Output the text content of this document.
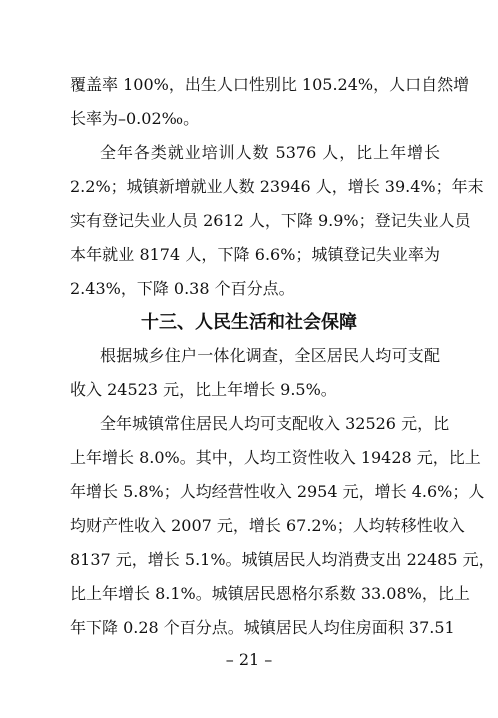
覆盖率 100%，出生人口性别比 105.24%，人口自然增
长率为–0.02‰。
全年各类就业培训人数 5376 人，比上年增长
2.2%；城镇新增就业人数 23946 人，增长 39.4%；年末
实有登记失业人员 2612 人，下降 9.9%；登记失业人员
本年就业 8174 人，下降 6.6%；城镇登记失业率为
2.43%，下降 0.38 个百分点。
十三、人民生活和社会保障
根据城乡住户一体化调查，全区居民人均可支配
收入 24523 元，比上年增长 9.5%。
全年城镇常住居民人均可支配收入 32526 元，比
上年增长 8.0%。其中，人均工资性收入 19428 元，比上
年增长 5.8%；人均经营性收入 2954 元，增长 4.6%；人
均财产性收入 2007 元，增长 67.2%；人均转移性收入
8137 元，增长 5.1%。城镇居民人均消费支出 22485 元，
比上年增长 8.1%。城镇居民恩格尔系数 33.08%，比上
年下降 0.28 个百分点。城镇居民人均住房面积 37.51
– 21 –
